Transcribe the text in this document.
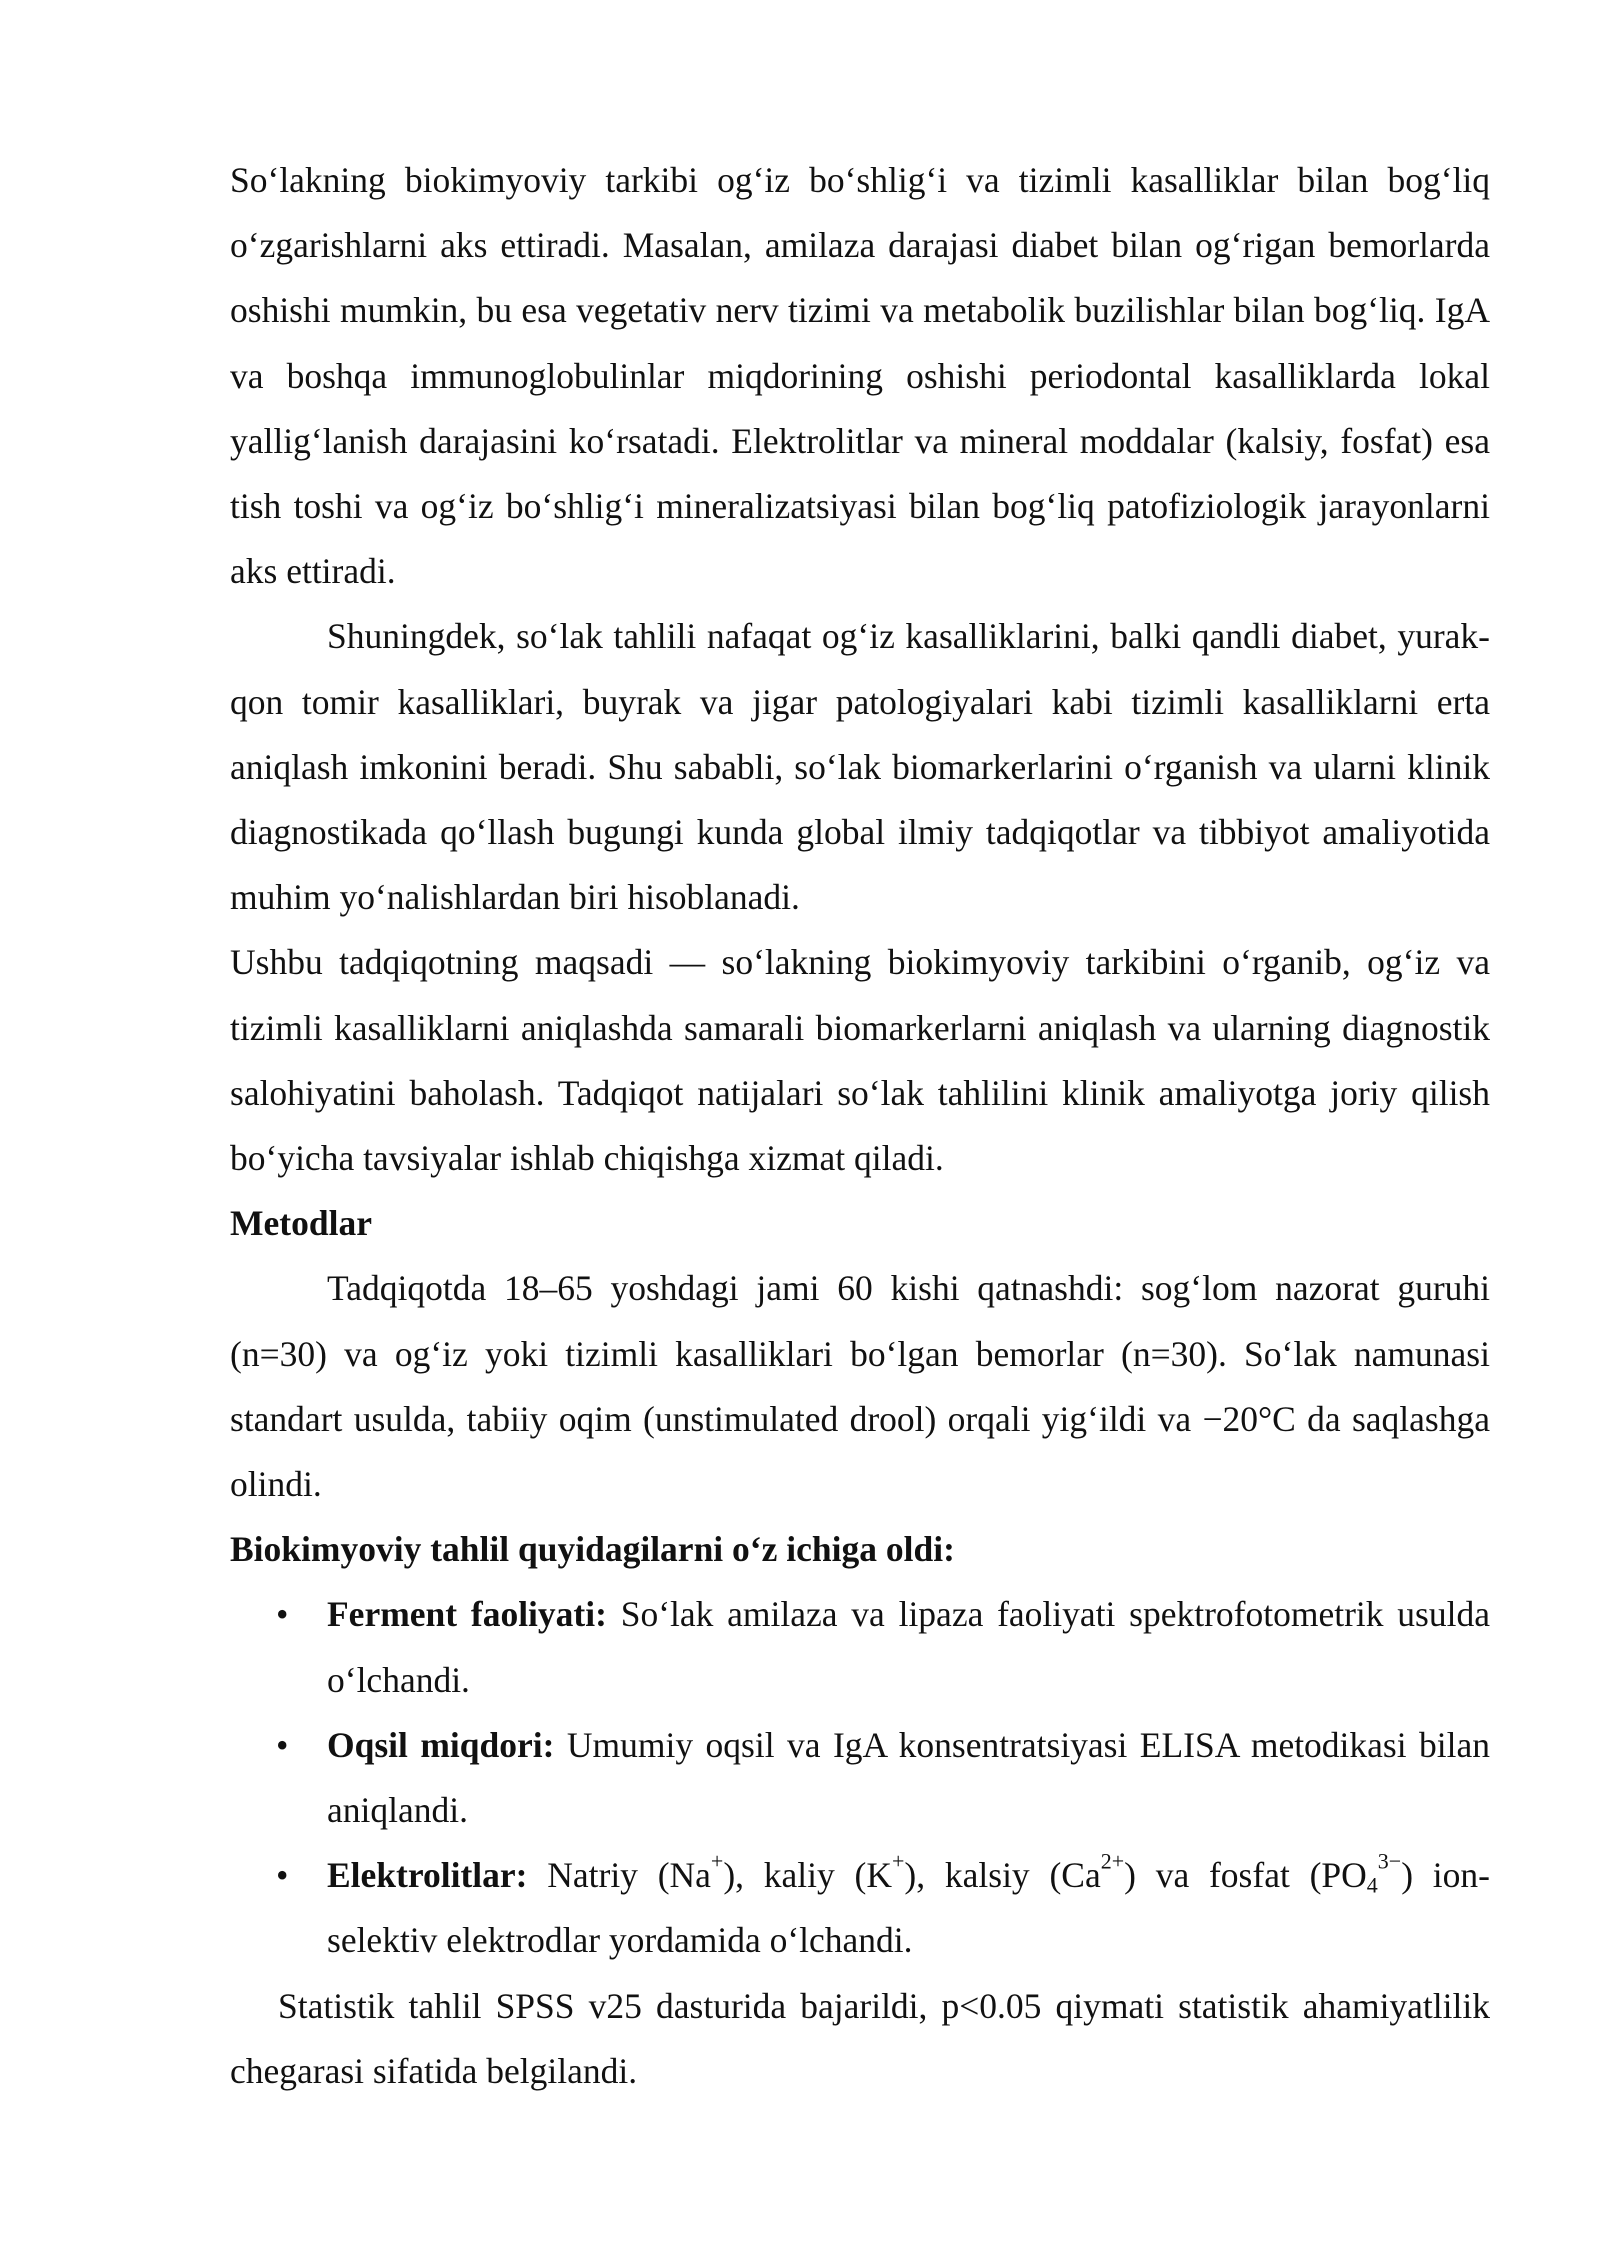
So‘lakning biokimyoviy tarkibi og‘iz bo‘shlig‘i va tizimli kasalliklar bilan bog‘liq o‘zgarishlarni aks ettiradi. Masalan, amilaza darajasi diabet bilan og‘rigan bemorlarda oshishi mumkin, bu esa vegetativ nerv tizimi va metabolik buzilishlar bilan bog‘liq. IgA va boshqa immunoglobulinlar miqdorining oshishi periodontal kasalliklarda lokal yallig‘lanish darajasini ko‘rsatadi. Elektrolitlar va mineral moddalar (kalsiy, fosfat) esa tish toshi va og‘iz bo‘shlig‘i mineralizatsiyasi bilan bog‘liq patofiziologik jarayonlarni aks ettiradi.

Shuningdek, so‘lak tahlili nafaqat og‘iz kasalliklarini, balki qandli diabet, yurak-qon tomir kasalliklari, buyrak va jigar patologiyalari kabi tizimli kasalliklarni erta aniqlash imkonini beradi. Shu sababli, so‘lak biomarkerlarini o‘rganish va ularni klinik diagnostikada qo‘llash bugungi kunda global ilmiy tadqiqotlar va tibbiyot amaliyotida muhim yo‘nalishlardan biri hisoblanadi.

Ushbu tadqiqotning maqsadi — so‘lakning biokimyoviy tarkibini o‘rganib, og‘iz va tizimli kasalliklarni aniqlashda samarali biomarkerlarni aniqlash va ularning diagnostik salohiyatini baholash. Tadqiqot natijalari so‘lak tahlilini klinik amaliyotga joriy qilish bo‘yicha tavsiyalar ishlab chiqishga xizmat qiladi.

Metodlar

Tadqiqotda 18–65 yoshdagi jami 60 kishi qatnashdi: sog‘lom nazorat guruhi (n=30) va og‘iz yoki tizimli kasalliklari bo‘lgan bemorlar (n=30). So‘lak namunasi standart usulda, tabiiy oqim (unstimulated drool) orqali yig‘ildi va −20°C da saqlashga olindi.

Biokimyoviy tahlil quyidagilarni o‘z ichiga oldi:

• Ferment faoliyati: So‘lak amilaza va lipaza faoliyati spektrofotometrik usulda o‘lchandi.
• Oqsil miqdori: Umumiy oqsil va IgA konsentratsiyasi ELISA metodikasi bilan aniqlandi.
• Elektrolitlar: Natriy (Na+), kaliy (K+), kalsiy $(Ca^{2+})$ va fosfat $(PO_4^{3-})$ ion-selektiv elektrodlar yordamida o‘lchandi.

Statistik tahlil SPSS v25 dasturida bajarildi, p<0.05 qiymati statistik ahamiyatlilik chegarasi sifatida belgilandi.
